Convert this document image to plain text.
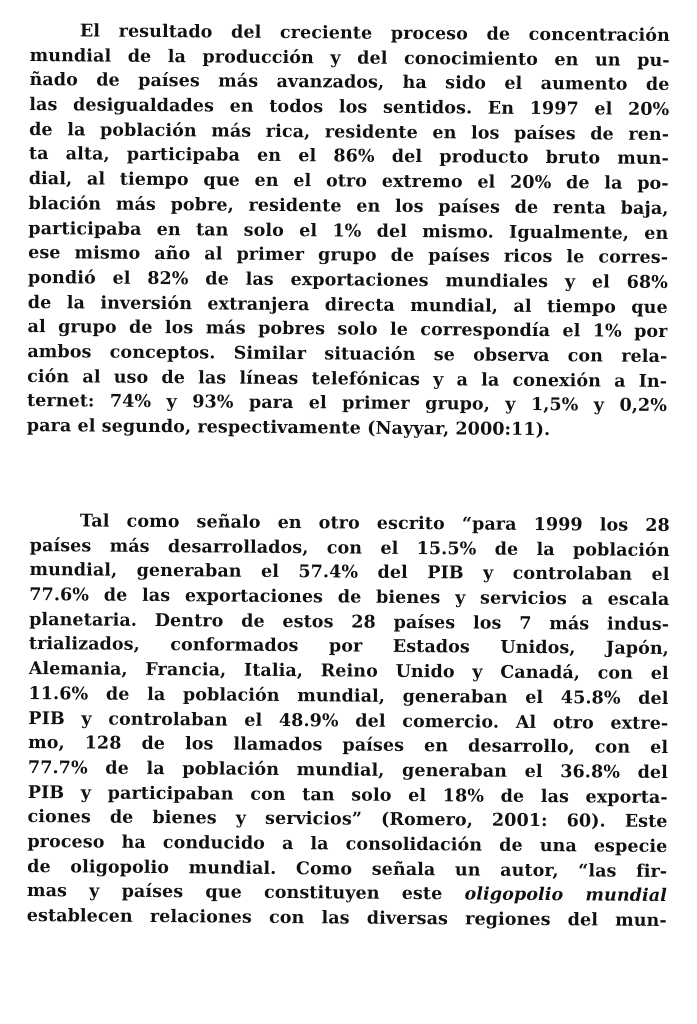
El resultado del creciente proceso de concentración
mundial de la producción y del conocimiento en un pu-
ñado de países más avanzados, ha sido el aumento de
las desigualdades en todos los sentidos. En 1997 el 20%
de la población más rica, residente en los países de ren-
ta alta, participaba en el 86% del producto bruto mun-
dial, al tiempo que en el otro extremo el 20% de la po-
blación más pobre, residente en los países de renta baja,
participaba en tan solo el 1% del mismo. Igualmente, en
ese mismo año al primer grupo de países ricos le corres-
pondió el 82% de las exportaciones mundiales y el 68%
de la inversión extranjera directa mundial, al tiempo que
al grupo de los más pobres solo le correspondía el 1% por
ambos conceptos. Similar situación se observa con rela-
ción al uso de las líneas telefónicas y a la conexión a In-
ternet: 74% y 93% para el primer grupo, y 1,5% y 0,2%
para el segundo, respectivamente (Nayyar, 2000:11).
Tal como señalo en otro escrito “para 1999 los 28
países más desarrollados, con el 15.5% de la población
mundial, generaban el 57.4% del PIB y controlaban el
77.6% de las exportaciones de bienes y servicios a escala
planetaria. Dentro de estos 28 países los 7 más indus-
trializados, conformados por Estados Unidos, Japón,
Alemania, Francia, Italia, Reino Unido y Canadá, con el
11.6% de la población mundial, generaban el 45.8% del
PIB y controlaban el 48.9% del comercio. Al otro extre-
mo, 128 de los llamados países en desarrollo, con el
77.7% de la población mundial, generaban el 36.8% del
PIB y participaban con tan solo el 18% de las exporta-
ciones de bienes y servicios” (Romero, 2001: 60). Este
proceso ha conducido a la consolidación de una especie
de oligopolio mundial. Como señala un autor, “las fir-
mas y países que constituyen este oligopolio mundial
establecen relaciones con las diversas regiones del mun-
